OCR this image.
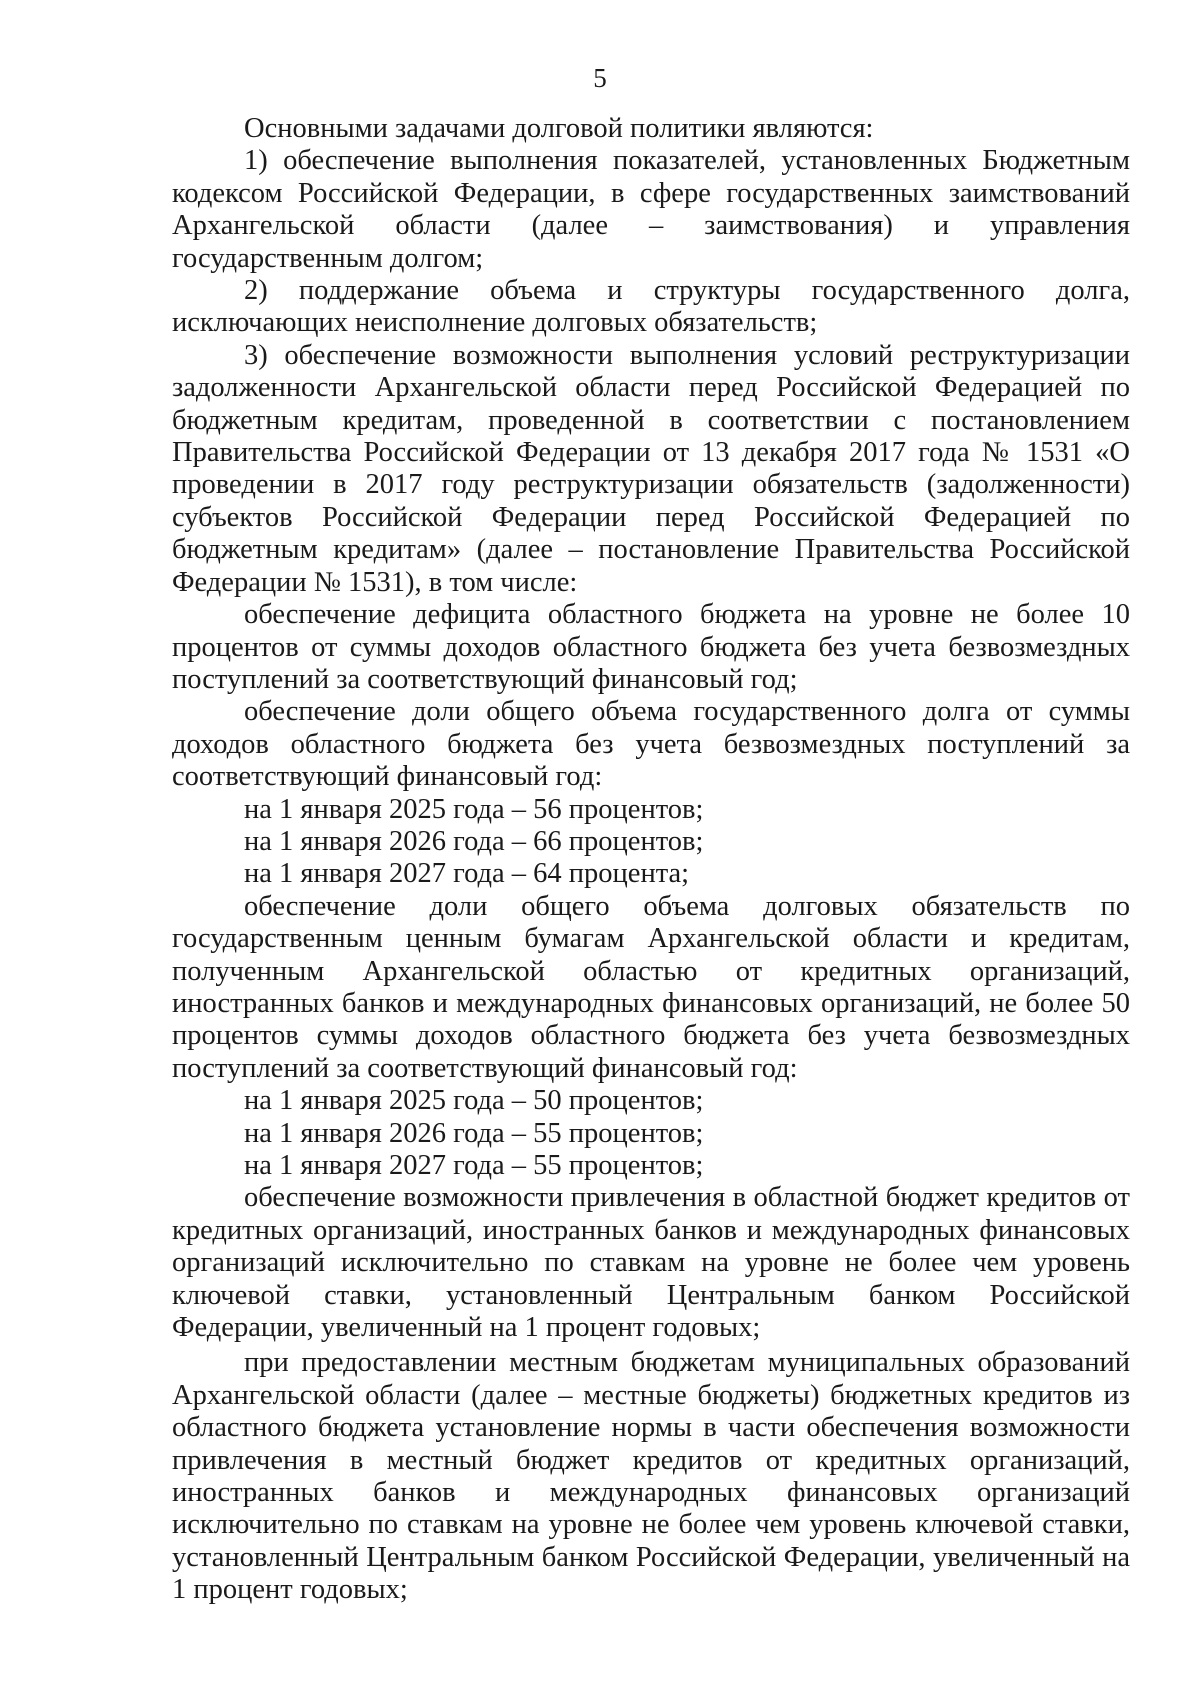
5

Основными задачами долговой политики являются:

1) обеспечение выполнения показателей, установленных Бюджетным кодексом Российской Федерации, в сфере государственных заимствований Архангельской области (далее – заимствования) и управления государственным долгом;

2) поддержание объема и структуры государственного долга, исключающих неисполнение долговых обязательств;

3) обеспечение возможности выполнения условий реструктуризации задолженности Архангельской области перед Российской Федерацией по бюджетным кредитам, проведенной в соответствии с постановлением Правительства Российской Федерации от 13 декабря 2017 года № 1531 «О проведении в 2017 году реструктуризации обязательств (задолженности) субъектов Российской Федерации перед Российской Федерацией по бюджетным кредитам» (далее – постановление Правительства Российской Федерации № 1531), в том числе:

обеспечение дефицита областного бюджета на уровне не более 10 процентов от суммы доходов областного бюджета без учета безвозмездных поступлений за соответствующий финансовый год;

обеспечение доли общего объема государственного долга от суммы доходов областного бюджета без учета безвозмездных поступлений за соответствующий финансовый год:

на 1 января 2025 года – 56 процентов;

на 1 января 2026 года – 66 процентов;

на 1 января 2027 года – 64 процента;

обеспечение доли общего объема долговых обязательств по государственным ценным бумагам Архангельской области и кредитам, полученным Архангельской областью от кредитных организаций, иностранных банков и международных финансовых организаций, не более 50 процентов суммы доходов областного бюджета без учета безвозмездных поступлений за соответствующий финансовый год:

на 1 января 2025 года – 50 процентов;

на 1 января 2026 года – 55 процентов;

на 1 января 2027 года – 55 процентов;

обеспечение возможности привлечения в областной бюджет кредитов от кредитных организаций, иностранных банков и международных финансовых организаций исключительно по ставкам на уровне не более чем уровень ключевой ставки, установленный Центральным банком Российской Федерации, увеличенный на 1 процент годовых;

при предоставлении местным бюджетам муниципальных образований Архангельской области (далее – местные бюджеты) бюджетных кредитов из областного бюджета установление нормы в части обеспечения возможности привлечения в местный бюджет кредитов от кредитных организаций, иностранных банков и международных финансовых организаций исключительно по ставкам на уровне не более чем уровень ключевой ставки, установленный Центральным банком Российской Федерации, увеличенный на 1 процент годовых;
